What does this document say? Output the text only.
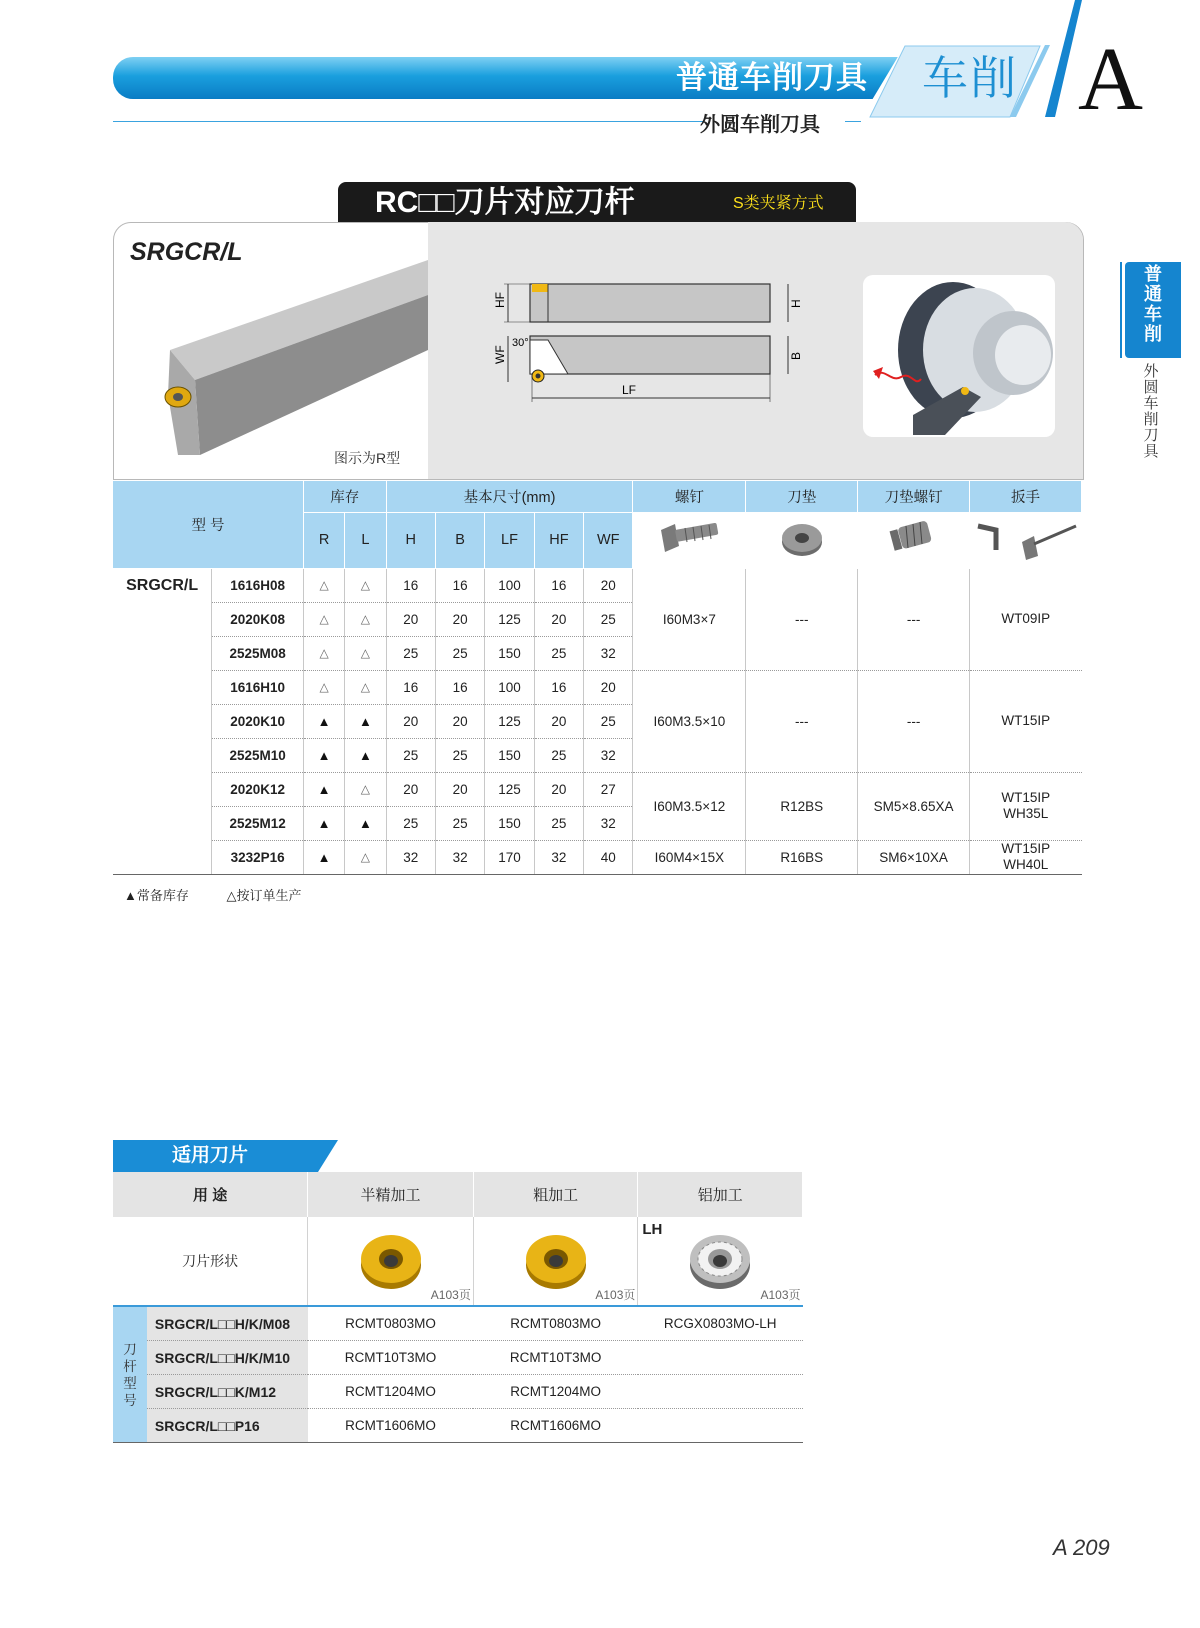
普通车削刀具 车削 A
外圆车削刀具
普通车削
外圆车削刀具
RC□□刀片对应刀杆	S类夹紧方式
SRGCR/L
图示为R型
HF	H
WF	B
LF
30°
型 号		库存		基本尺寸(mm)					螺钉	刀垫	刀垫螺钉	扳手
		R	L	H	B	LF	HF	WF				
SRGCR/L	1616H08	△	△	16	16	100	16	20	I60M3×7	---	---	WT09IP

	2020K08	△	△	20	20	125	20	25				
	2525M08	△	△	25	25	150	25	32				
	1616H10	△	△	16	16	100	16	20	I60M3.5×10	---	---	WT15IP

	2020K10	▲	▲	20	20	125	20	25				
	2525M10	▲	▲	25	25	150	25	32				
	2020K12	▲	△	20	20	125	20	27	I60M3.5×12	R12BS	SM5×8.65XA	WT15IP
WH35L

	2525M12	▲	▲	25	25	150	25	32				
	3232P16	▲	△	32	32	170	32	40	I60M4×15X	R16BS	SM6×10XA	WT15IP
WH40L
▲常备库存	△按订单生产
适用刀片
用 途		半精加工	粗加工	铝加工
刀片形状		A103页	A103页	LH
A103页

刀杆型号	SRGCR/L□□H/K/M08	RCMT0803MO	RCMT0803MO	RCGX0803MO-LH
	SRGCR/L□□H/K/M10	RCMT10T3MO	RCMT10T3MO	
	SRGCR/L□□K/M12	RCMT1204MO	RCMT1204MO	
	SRGCR/L□□P16	RCMT1606MO	RCMT1606MO	
A 209
